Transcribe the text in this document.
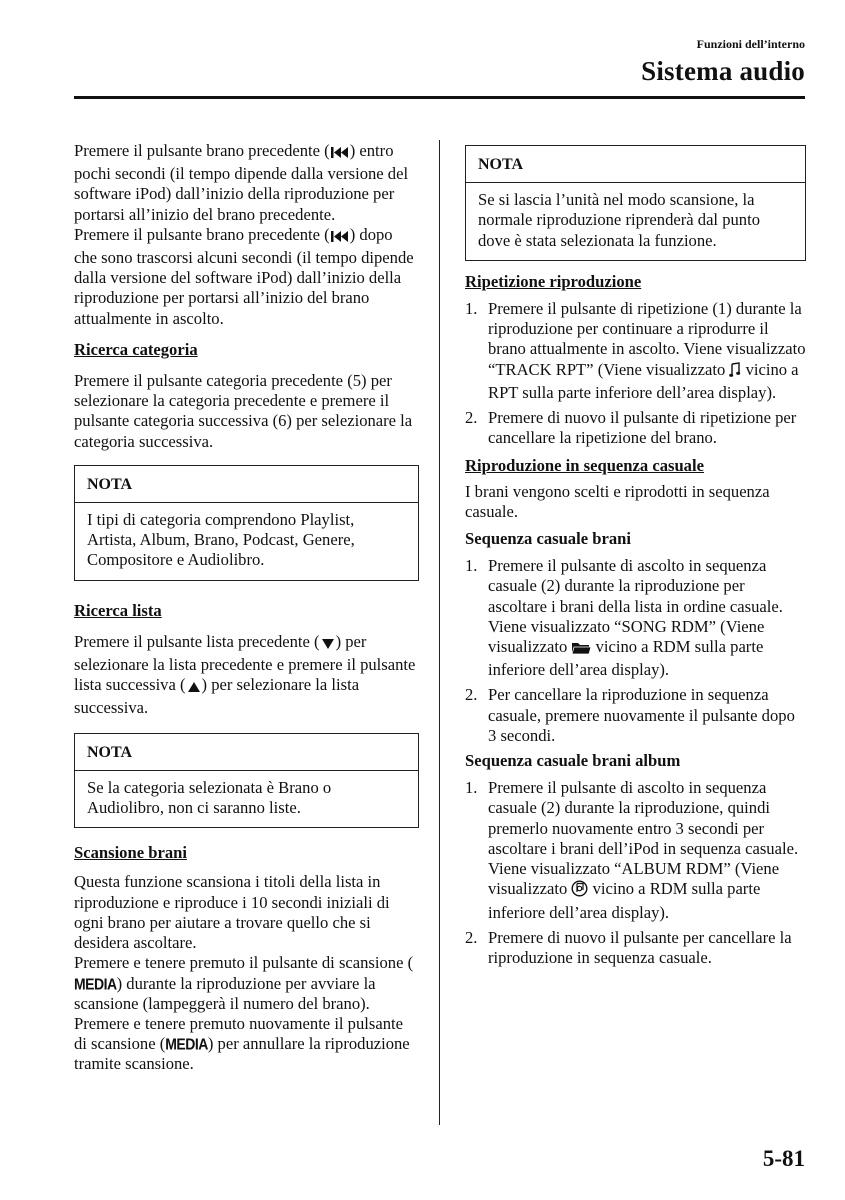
Funzioni dell’interno
Sistema audio

Premere il pulsante brano precedente ( ) entro pochi secondi (il tempo dipende dalla versione del software iPod) dall’inizio della riproduzione per portarsi all’inizio del brano precedente.

Premere il pulsante brano precedente ( ) dopo che sono trascorsi alcuni secondi (il tempo dipende dalla versione del software iPod) dall’inizio della riproduzione per portarsi all’inizio del brano attualmente in ascolto.

Ricerca categoria

Premere il pulsante categoria precedente (5) per selezionare la categoria precedente e premere il pulsante categoria successiva (6) per selezionare la categoria successiva.

NOTA
I tipi di categoria comprendono Playlist, Artista, Album, Brano, Podcast, Genere, Compositore e Audiolibro.

Ricerca lista

Premere il pulsante lista precedente ( ) per selezionare la lista precedente e premere il pulsante lista successiva ( ) per selezionare la lista successiva.

NOTA
Se la categoria selezionata è Brano o Audiolibro, non ci saranno liste.

Scansione brani

Questa funzione scansiona i titoli della lista in riproduzione e riproduce i 10 secondi iniziali di ogni brano per aiutare a trovare quello che si desidera ascoltare.

Premere e tenere premuto il pulsante di scansione (MEDIA) durante la riproduzione per avviare la scansione (lampeggerà il numero del brano). Premere e tenere premuto nuovamente il pulsante di scansione (MEDIA) per annullare la riproduzione tramite scansione.

NOTA
Se si lascia l’unità nel modo scansione, la normale riproduzione riprenderà dal punto dove è stata selezionata la funzione.

Ripetizione riproduzione

1. Premere il pulsante di ripetizione (1) durante la riproduzione per continuare a riprodurre il brano attualmente in ascolto. Viene visualizzato “TRACK RPT” (Viene visualizzato vicino a RPT sulla parte inferiore dell’area display).
2. Premere di nuovo il pulsante di ripetizione per cancellare la ripetizione del brano.

Riproduzione in sequenza casuale

I brani vengono scelti e riprodotti in sequenza casuale.

Sequenza casuale brani

1. Premere il pulsante di ascolto in sequenza casuale (2) durante la riproduzione per ascoltare i brani della lista in ordine casuale. Viene visualizzato “SONG RDM” (Viene visualizzato vicino a RDM sulla parte inferiore dell’area display).
2. Per cancellare la riproduzione in sequenza casuale, premere nuovamente il pulsante dopo 3 secondi.

Sequenza casuale brani album

1. Premere il pulsante di ascolto in sequenza casuale (2) durante la riproduzione, quindi premerlo nuovamente entro 3 secondi per ascoltare i brani dell’iPod in sequenza casuale. Viene visualizzato “ALBUM RDM” (Viene visualizzato vicino a RDM sulla parte inferiore dell’area display).
2. Premere di nuovo il pulsante per cancellare la riproduzione in sequenza casuale.
5-81
